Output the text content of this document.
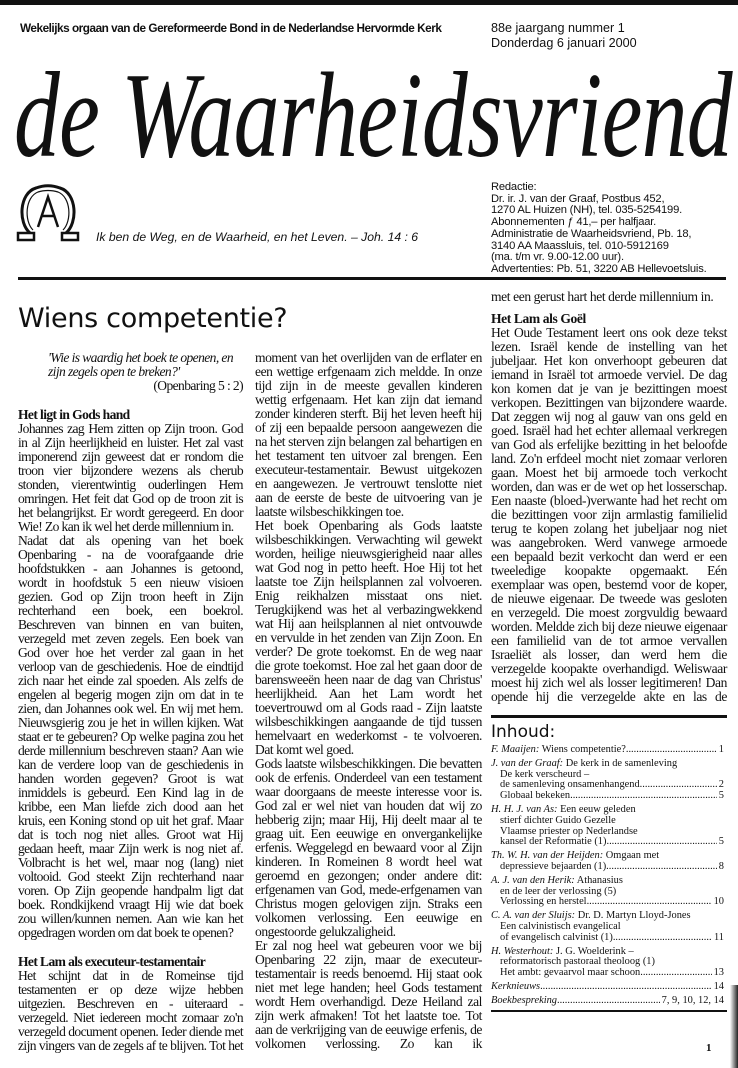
Wekelijks orgaan van de Gereformeerde Bond in de Nederlandse Hervormde Kerk	88e jaargang nummer 1
Donderdag 6 januari 2000
de Waarheidsvriend
Ik ben de Weg, en de Waarheid, en het Leven. – Joh. 14 : 6
Redactie:
Dr. ir. J. van der Graaf, Postbus 452,
1270 AL Huizen (NH), tel. 035-5254199.
Abonnementen ƒ 41,– per halfjaar.
Administratie de Waarheidsvriend, Pb. 18,
3140 AA Maassluis, tel. 010-5912169
(ma. t/m vr. 9.00-12.00 uur).
Advertenties: Pb. 51, 3220 AB Hellevoetsluis.
Wiens competentie?
'Wie is waardig het boek te openen, en zijn zegels open te breken?'
(Openbaring 5 : 2)
Het ligt in Gods hand

Johannes zag Hem zitten op Zijn troon. God in al Zijn heerlijkheid en luister. Het zal vast imponerend zijn geweest dat er rondom die troon vier bijzondere wezens als cherub stonden, vierentwintig ouderlingen Hem omringen. Het feit dat God op de troon zit is het belangrijkst. Er wordt geregeerd. En door Wie! Zo kan ik wel het derde millennium in.

Nadat dat als opening van het boek Openbaring - na de voorafgaande drie hoofdstukken - aan Johannes is getoond, wordt in hoofdstuk 5 een nieuw visioen gezien. God op Zijn troon heeft in Zijn rechterhand een boek, een boekrol. Beschreven van binnen en van buiten, verzegeld met zeven zegels. Een boek van God over hoe het verder zal gaan in het verloop van de geschiedenis. Hoe de eindtijd zich naar het einde zal spoeden. Als zelfs de engelen al begerig mogen zijn om dat in te zien, dan Johannes ook wel. En wij met hem. Nieuwsgierig zou je het in willen kijken. Wat staat er te gebeuren? Op welke pagina zou het derde millennium beschreven staan? Aan wie kan de verdere loop van de geschiedenis in handen worden gegeven? Groot is wat inmiddels is gebeurd. Een Kind lag in de kribbe, een Man liefde zich dood aan het kruis, een Koning stond op uit het graf. Maar dat is toch nog niet alles. Groot wat Hij gedaan heeft, maar Zijn werk is nog niet af. Volbracht is het wel, maar nog (lang) niet voltooid. God steekt Zijn rechterhand naar voren. Op Zijn geopende handpalm ligt dat boek. Rondkijkend vraagt Hij wie dat boek zou willen/kunnen nemen. Aan wie kan het opgedragen worden om dat boek te openen?

Het Lam als executeur-testamentair

Het schijnt dat in de Romeinse tijd testamenten er op deze wijze hebben uitgezien. Beschreven en - uiteraard - verzegeld. Niet iedereen mocht zomaar zo'n verzegeld document openen. Ieder diende met zijn vingers van de zegels af te blijven. Tot het

moment van het overlijden van de erflater en een wettige erfgenaam zich meldde. In onze tijd zijn in de meeste gevallen kinderen wettig erfgenaam. Het kan zijn dat iemand zonder kinderen sterft. Bij het leven heeft hij of zij een bepaalde persoon aangewezen die na het sterven zijn belangen zal behartigen en het testament ten uitvoer zal brengen. Een executeur-testamentair. Bewust uitgekozen en aangewezen. Je vertrouwt tenslotte niet aan de eerste de beste de uitvoering van je laatste wilsbeschikkingen toe.

Het boek Openbaring als Gods laatste wilsbeschikkingen. Verwachting wil gewekt worden, heilige nieuwsgierigheid naar alles wat God nog in petto heeft. Hoe Hij tot het laatste toe Zijn heilsplannen zal volvoeren. Enig reikhalzen misstaat ons niet. Terugkijkend was het al verbazingwekkend wat Hij aan heilsplannen al niet ontvouwde en vervulde in het zenden van Zijn Zoon. En verder? De grote toekomst. En de weg naar die grote toekomst. Hoe zal het gaan door de barensweeën heen naar de dag van Christus' heerlijkheid. Aan het Lam wordt het toevertrouwd om al Gods raad - Zijn laatste wilsbeschikkingen aangaande de tijd tussen hemelvaart en wederkomst - te volvoeren. Dat komt wel goed.

Gods laatste wilsbeschikkingen. Die bevatten ook de erfenis. Onderdeel van een testament waar doorgaans de meeste interesse voor is. God zal er wel niet van houden dat wij zo hebberig zijn; maar Hij, Hij deelt maar al te graag uit. Een eeuwige en onvergankelijke erfenis. Weggelegd en bewaard voor al Zijn kinderen. In Romeinen 8 wordt heel wat geroemd en gezongen; onder andere dit: erfgenamen van God, mede-erfgenamen van Christus mogen gelovigen zijn. Straks een volkomen verlossing. Een eeuwige en ongestoorde gelukzaligheid.

Er zal nog heel wat gebeuren voor we bij Openbaring 22 zijn, maar de executeur-testamentair is reeds benoemd. Hij staat ook niet met lege handen; heel Gods testament wordt Hem overhandigd. Deze Heiland zal zijn werk afmaken! Tot het laatste toe. Tot aan de verkrijging van de eeuwige erfenis, de volkomen verlossing. Zo kan ik

met een gerust hart het derde millennium in.

Het Lam als Goël

Het Oude Testament leert ons ook deze tekst lezen. Israël kende de instelling van het jubeljaar. Het kon onverhoopt gebeuren dat iemand in Israël tot armoede verviel. De dag kon komen dat je van je bezittingen moest verkopen. Bezittingen van bijzondere waarde. Dat zeggen wij nog al gauw van ons geld en goed. Israël had het echter allemaal verkregen van God als erfelijke bezitting in het beloofde land. Zo'n erfdeel mocht niet zomaar verloren gaan. Moest het bij armoede toch verkocht worden, dan was er de wet op het losserschap. Een naaste (bloed-)verwante had het recht om die bezittingen voor zijn armlastig familielid terug te kopen zolang het jubeljaar nog niet was aangebroken. Werd vanwege armoede een bepaald bezit verkocht dan werd er een tweeledige koopakte opgemaakt. Eén exemplaar was open, bestemd voor de koper, de nieuwe eigenaar. De tweede was gesloten en verzegeld. Die moest zorgvuldig bewaard worden. Meldde zich bij deze nieuwe eigenaar een familielid van de tot armoe vervallen Israeliët als losser, dan werd hem die verzegelde koopakte overhandigd. Weliswaar moest hij zich wel als losser legitimeren! Dan opende hij die verzegelde akte en las de

Inhoud:
F. Maaijen: Wiens competentie? .....	1
J. van der Graaf: De kerk in de samenleving
De kerk verscheurd –
de samenleving onsamenhangend .....	2
Globaal bekeken .....	5
H. H. J. van As: Een eeuw geleden
stierf dichter Guido Gezelle
Vlaamse priester op Nederlandse
kansel der Reformatie (1) .....	5
Th. W. H. van der Heijden: Omgaan met
depressieve bejaarden (1) .....	8
A. J. van den Herik: Athanasius
en de leer der verlossing (5)
Verlossing en herstel .....	10
C. A. van der Sluijs: Dr. D. Martyn Lloyd-Jones
Een calvinistisch evangelical
of evangelisch calvinist (1) .....	11
H. Westerhout: J. G. Woelderink –
reformatorisch pastoraal theoloog (1)
Het ambt: gevaarvol maar schoon .....	13
Kerknieuws .....	14
Boekbespreking .....	7, 9, 10, 12, 14
1
